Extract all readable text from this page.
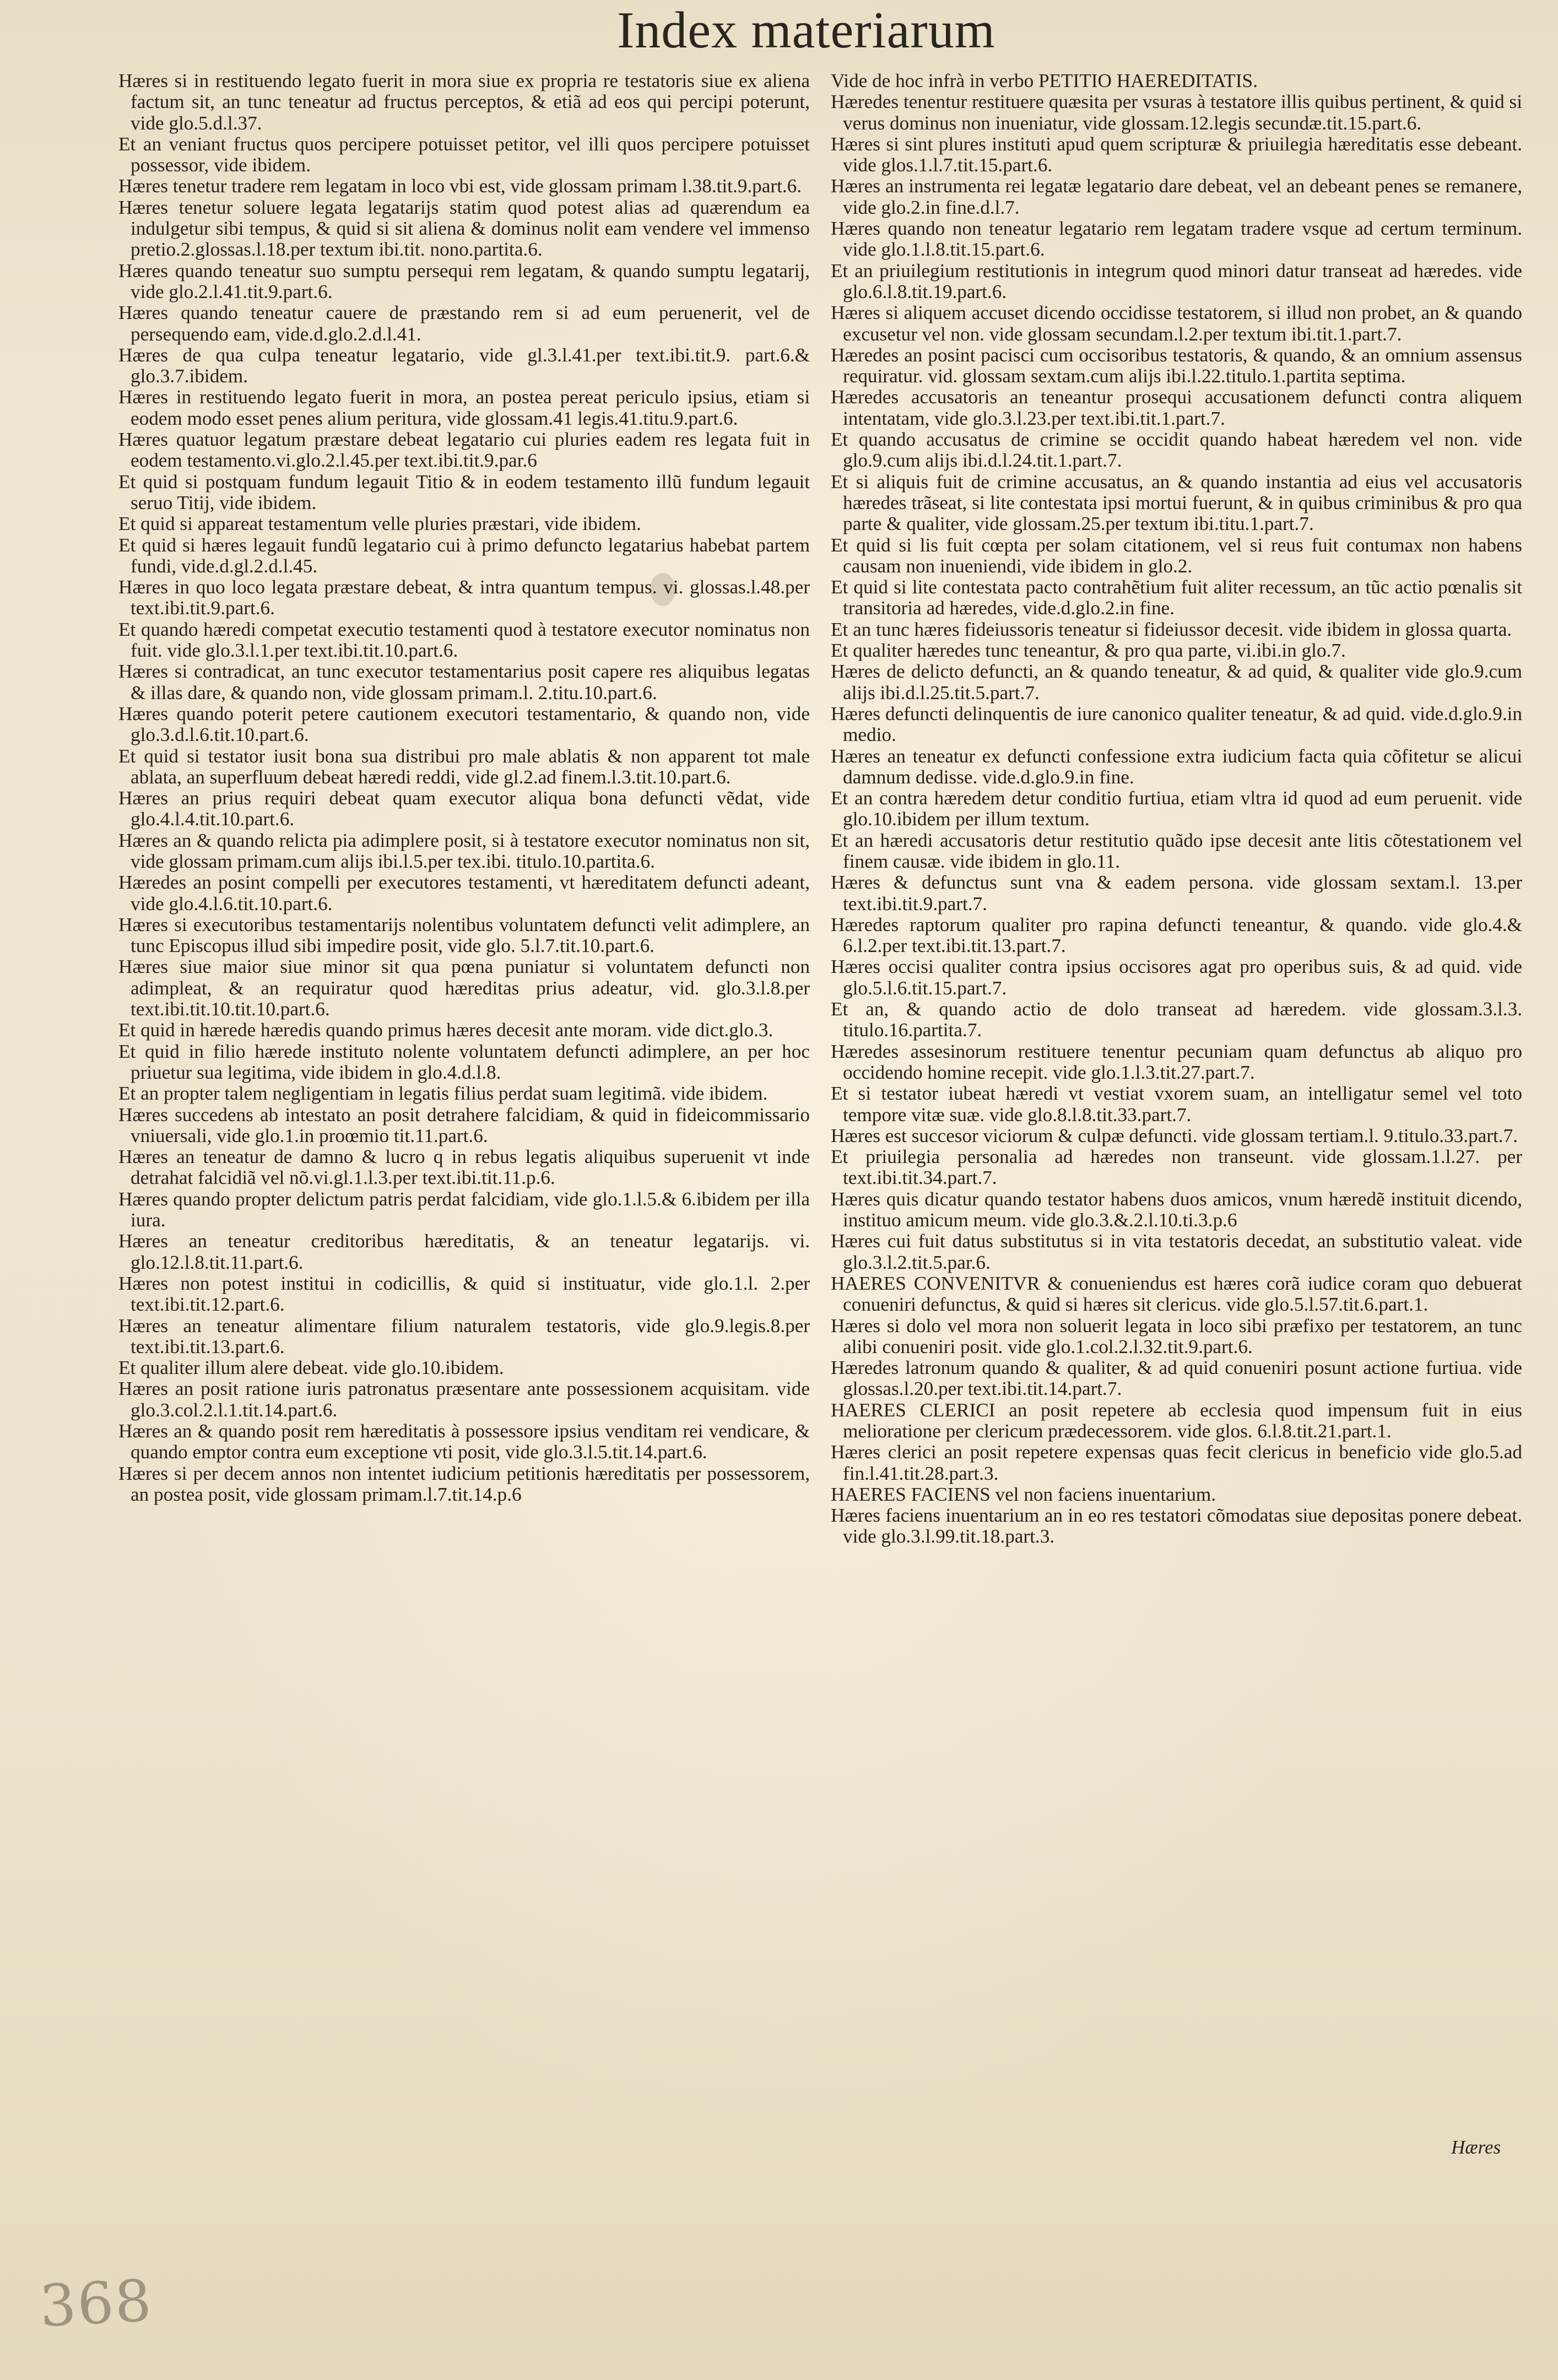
Index materiarum

Hæres si in restituendo legato fuerit in mora siue ex propria re testatoris siue ex aliena factum sit, an tunc teneatur ad fructus perceptos, & etiã ad eos qui percipi poterunt, vide glo.5.d.l.37.

Et an veniant fructus quos percipere potuisset petitor, vel illi quos percipere potuisset possessor, vide ibidem.

Hæres tenetur tradere rem legatam in loco vbi est, vide glossam primam l.38.tit.9.part.6.

Hæres tenetur soluere legata legatarijs statim quod potest alias ad quærendum ea indulgetur sibi tempus, & quid si sit aliena & dominus nolit eam vendere vel immenso pretio.2.glossas.l.18.per textum ibi.tit. nono.partita.6.

Hæres quando teneatur suo sumptu persequi rem legatam, & quando sumptu legatarij, vide glo.2.l.41.tit.9.part.6.

Hæres quando teneatur cauere de præstando rem si ad eum peruenerit, vel de persequendo eam, vide.d.glo.2.d.l.41.

Hæres de qua culpa teneatur legatario, vide gl.3.l.41.per text.ibi.tit.9. part.6.& glo.3.7.ibidem.

Hæres in restituendo legato fuerit in mora, an postea pereat periculo ipsius, etiam si eodem modo esset penes alium peritura, vide glossam.41 legis.41.titu.9.part.6.

Hæres quatuor legatum præstare debeat legatario cui pluries eadem res legata fuit in eodem testamento.vi.glo.2.l.45.per text.ibi.tit.9.par.6

Et quid si postquam fundum legauit Titio & in eodem testamento illũ fundum legauit seruo Titij, vide ibidem.

Et quid si appareat testamentum velle pluries præstari, vide ibidem.

Et quid si hæres legauit fundũ legatario cui à primo defuncto legatarius habebat partem fundi, vide.d.gl.2.d.l.45.

Hæres in quo loco legata præstare debeat, & intra quantum tempus. vi. glossas.l.48.per text.ibi.tit.9.part.6.

Et quando hæredi competat executio testamenti quod à testatore executor nominatus non fuit. vide glo.3.l.1.per text.ibi.tit.10.part.6.

Hæres si contradicat, an tunc executor testamentarius posit capere res aliquibus legatas & illas dare, & quando non, vide glossam primam.l. 2.titu.10.part.6.

Hæres quando poterit petere cautionem executori testamentario, & quando non, vide glo.3.d.l.6.tit.10.part.6.

Et quid si testator iusit bona sua distribui pro male ablatis & non apparent tot male ablata, an superfluum debeat hæredi reddi, vide gl.2.ad finem.l.3.tit.10.part.6.

Hæres an prius requiri debeat quam executor aliqua bona defuncti vẽdat, vide glo.4.l.4.tit.10.part.6.

Hæres an & quando relicta pia adimplere posit, si à testatore executor nominatus non sit, vide glossam primam.cum alijs ibi.l.5.per tex.ibi. titulo.10.partita.6.

Hæredes an posint compelli per executores testamenti, vt hæreditatem defuncti adeant, vide glo.4.l.6.tit.10.part.6.

Hæres si executoribus testamentarijs nolentibus voluntatem defuncti velit adimplere, an tunc Episcopus illud sibi impedire posit, vide glo. 5.l.7.tit.10.part.6.

Hæres siue maior siue minor sit qua pœna puniatur si voluntatem defuncti non adimpleat, & an requiratur quod hæreditas prius adeatur, vid. glo.3.l.8.per text.ibi.tit.10.tit.10.part.6.

Et quid in hærede hæredis quando primus hæres decesit ante moram. vide dict.glo.3.

Et quid in filio hærede instituto nolente voluntatem defuncti adimplere, an per hoc priuetur sua legitima, vide ibidem in glo.4.d.l.8.

Et an propter talem negligentiam in legatis filius perdat suam legitimã. vide ibidem.

Hæres succedens ab intestato an posit detrahere falcidiam, & quid in fideicommissario vniuersali, vide glo.1.in proœmio tit.11.part.6.

Hæres an teneatur de damno & lucro q in rebus legatis aliquibus superuenit vt inde detrahat falcidiã vel nõ.vi.gl.1.l.3.per text.ibi.tit.11.p.6.

Hæres quando propter delictum patris perdat falcidiam, vide glo.1.l.5.& 6.ibidem per illa iura.

Hæres an teneatur creditoribus hæreditatis, & an teneatur legatarijs. vi. glo.12.l.8.tit.11.part.6.

Hæres non potest institui in codicillis, & quid si instituatur, vide glo.1.l. 2.per text.ibi.tit.12.part.6.

Hæres an teneatur alimentare filium naturalem testatoris, vide glo.9.legis.8.per text.ibi.tit.13.part.6.

Et qualiter illum alere debeat. vide glo.10.ibidem.

Hæres an posit ratione iuris patronatus præsentare ante possessionem acquisitam. vide glo.3.col.2.l.1.tit.14.part.6.

Hæres an & quando posit rem hæreditatis à possessore ipsius venditam rei vendicare, & quando emptor contra eum exceptione vti posit, vide glo.3.l.5.tit.14.part.6.

Hæres si per decem annos non intentet iudicium petitionis hæreditatis per possessorem, an postea posit, vide glossam primam.l.7.tit.14.p.6

Vide de hoc infrà in verbo PETITIO HAEREDITATIS.

Hæredes tenentur restituere quæsita per vsuras à testatore illis quibus pertinent, & quid si verus dominus non inueniatur, vide glossam.12.legis secundæ.tit.15.part.6.

Hæres si sint plures instituti apud quem scripturæ & priuilegia hæreditatis esse debeant. vide glos.1.l.7.tit.15.part.6.

Hæres an instrumenta rei legatæ legatario dare debeat, vel an debeant penes se remanere, vide glo.2.in fine.d.l.7.

Hæres quando non teneatur legatario rem legatam tradere vsque ad certum terminum. vide glo.1.l.8.tit.15.part.6.

Et an priuilegium restitutionis in integrum quod minori datur transeat ad hæredes. vide glo.6.l.8.tit.19.part.6.

Hæres si aliquem accuset dicendo occidisse testatorem, si illud non probet, an & quando excusetur vel non. vide glossam secundam.l.2.per textum ibi.tit.1.part.7.

Hæredes an posint pacisci cum occisoribus testatoris, & quando, & an omnium assensus requiratur. vid. glossam sextam.cum alijs ibi.l.22.titulo.1.partita septima.

Hæredes accusatoris an teneantur prosequi accusationem defuncti contra aliquem intentatam, vide glo.3.l.23.per text.ibi.tit.1.part.7.

Et quando accusatus de crimine se occidit quando habeat hæredem vel non. vide glo.9.cum alijs ibi.d.l.24.tit.1.part.7.

Et si aliquis fuit de crimine accusatus, an & quando instantia ad eius vel accusatoris hæredes trãseat, si lite contestata ipsi mortui fuerunt, & in quibus criminibus & pro qua parte & qualiter, vide glossam.25.per textum ibi.titu.1.part.7.

Et quid si lis fuit cœpta per solam citationem, vel si reus fuit contumax non habens causam non inueniendi, vide ibidem in glo.2.

Et quid si lite contestata pacto contrahẽtium fuit aliter recessum, an tũc actio pœnalis sit transitoria ad hæredes, vide.d.glo.2.in fine.

Et an tunc hæres fideiussoris teneatur si fideiussor decesit. vide ibidem in glossa quarta.

Et qualiter hæredes tunc teneantur, & pro qua parte, vi.ibi.in glo.7.

Hæres de delicto defuncti, an & quando teneatur, & ad quid, & qualiter vide glo.9.cum alijs ibi.d.l.25.tit.5.part.7.

Hæres defuncti delinquentis de iure canonico qualiter teneatur, & ad quid. vide.d.glo.9.in medio.

Hæres an teneatur ex defuncti confessione extra iudicium facta quia cõfitetur se alicui damnum dedisse. vide.d.glo.9.in fine.

Et an contra hæredem detur conditio furtiua, etiam vltra id quod ad eum peruenit. vide glo.10.ibidem per illum textum.

Et an hæredi accusatoris detur restitutio quãdo ipse decesit ante litis cõtestationem vel finem causæ. vide ibidem in glo.11.

Hæres & defunctus sunt vna & eadem persona. vide glossam sextam.l. 13.per text.ibi.tit.9.part.7.

Hæredes raptorum qualiter pro rapina defuncti teneantur, & quando. vide glo.4.& 6.l.2.per text.ibi.tit.13.part.7.

Hæres occisi qualiter contra ipsius occisores agat pro operibus suis, & ad quid. vide glo.5.l.6.tit.15.part.7.

Et an, & quando actio de dolo transeat ad hæredem. vide glossam.3.l.3. titulo.16.partita.7.

Hæredes assesinorum restituere tenentur pecuniam quam defunctus ab aliquo pro occidendo homine recepit. vide glo.1.l.3.tit.27.part.7.

Et si testator iubeat hæredi vt vestiat vxorem suam, an intelligatur semel vel toto tempore vitæ suæ. vide glo.8.l.8.tit.33.part.7.

Hæres est succesor viciorum & culpæ defuncti. vide glossam tertiam.l. 9.titulo.33.part.7.

Et priuilegia personalia ad hæredes non transeunt. vide glossam.1.l.27. per text.ibi.tit.34.part.7.

Hæres quis dicatur quando testator habens duos amicos, vnum hæredẽ instituit dicendo, instituo amicum meum. vide glo.3.&.2.l.10.ti.3.p.6

Hæres cui fuit datus substitutus si in vita testatoris decedat, an substitutio valeat. vide glo.3.l.2.tit.5.par.6.

HAERES CONVENITVR & conueniendus est hæres corã iudice coram quo debuerat conueniri defunctus, & quid si hæres sit clericus. vide glo.5.l.57.tit.6.part.1.

Hæres si dolo vel mora non soluerit legata in loco sibi præfixo per testatorem, an tunc alibi conueniri posit. vide glo.1.col.2.l.32.tit.9.part.6.

Hæredes latronum quando & qualiter, & ad quid conueniri posunt actione furtiua. vide glossas.l.20.per text.ibi.tit.14.part.7.

HAERES CLERICI an posit repetere ab ecclesia quod impensum fuit in eius melioratione per clericum prædecessorem. vide glos. 6.l.8.tit.21.part.1.

Hæres clerici an posit repetere expensas quas fecit clericus in beneficio vide glo.5.ad fin.l.41.tit.28.part.3.

HAERES FACIENS vel non faciens inuentarium.

Hæres faciens inuentarium an in eo res testatori cõmodatas siue depositas ponere debeat. vide glo.3.l.99.tit.18.part.3.

Hæres
368
